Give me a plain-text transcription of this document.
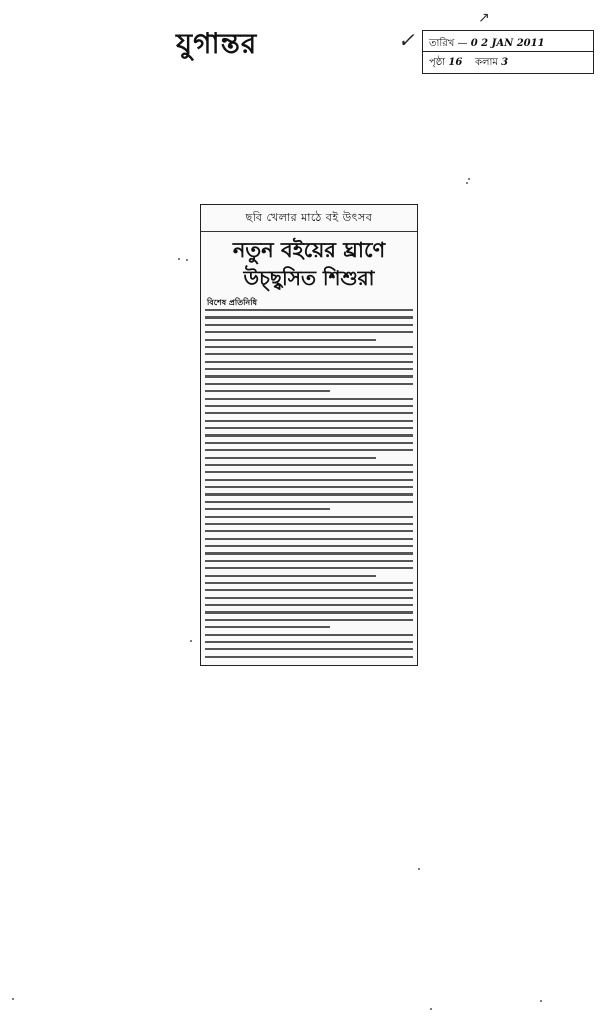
যুগান্তর	✓
↗
তারিখ — 0 2 JAN 2011
পৃষ্ঠা 16 কলাম 3
ছবি খেলার মাঠে বই উৎসব
নতুন বইয়ের ঘ্রাণে
উচ্ছ্বসিত শিশুরা
বিশেষ প্রতিনিধি
